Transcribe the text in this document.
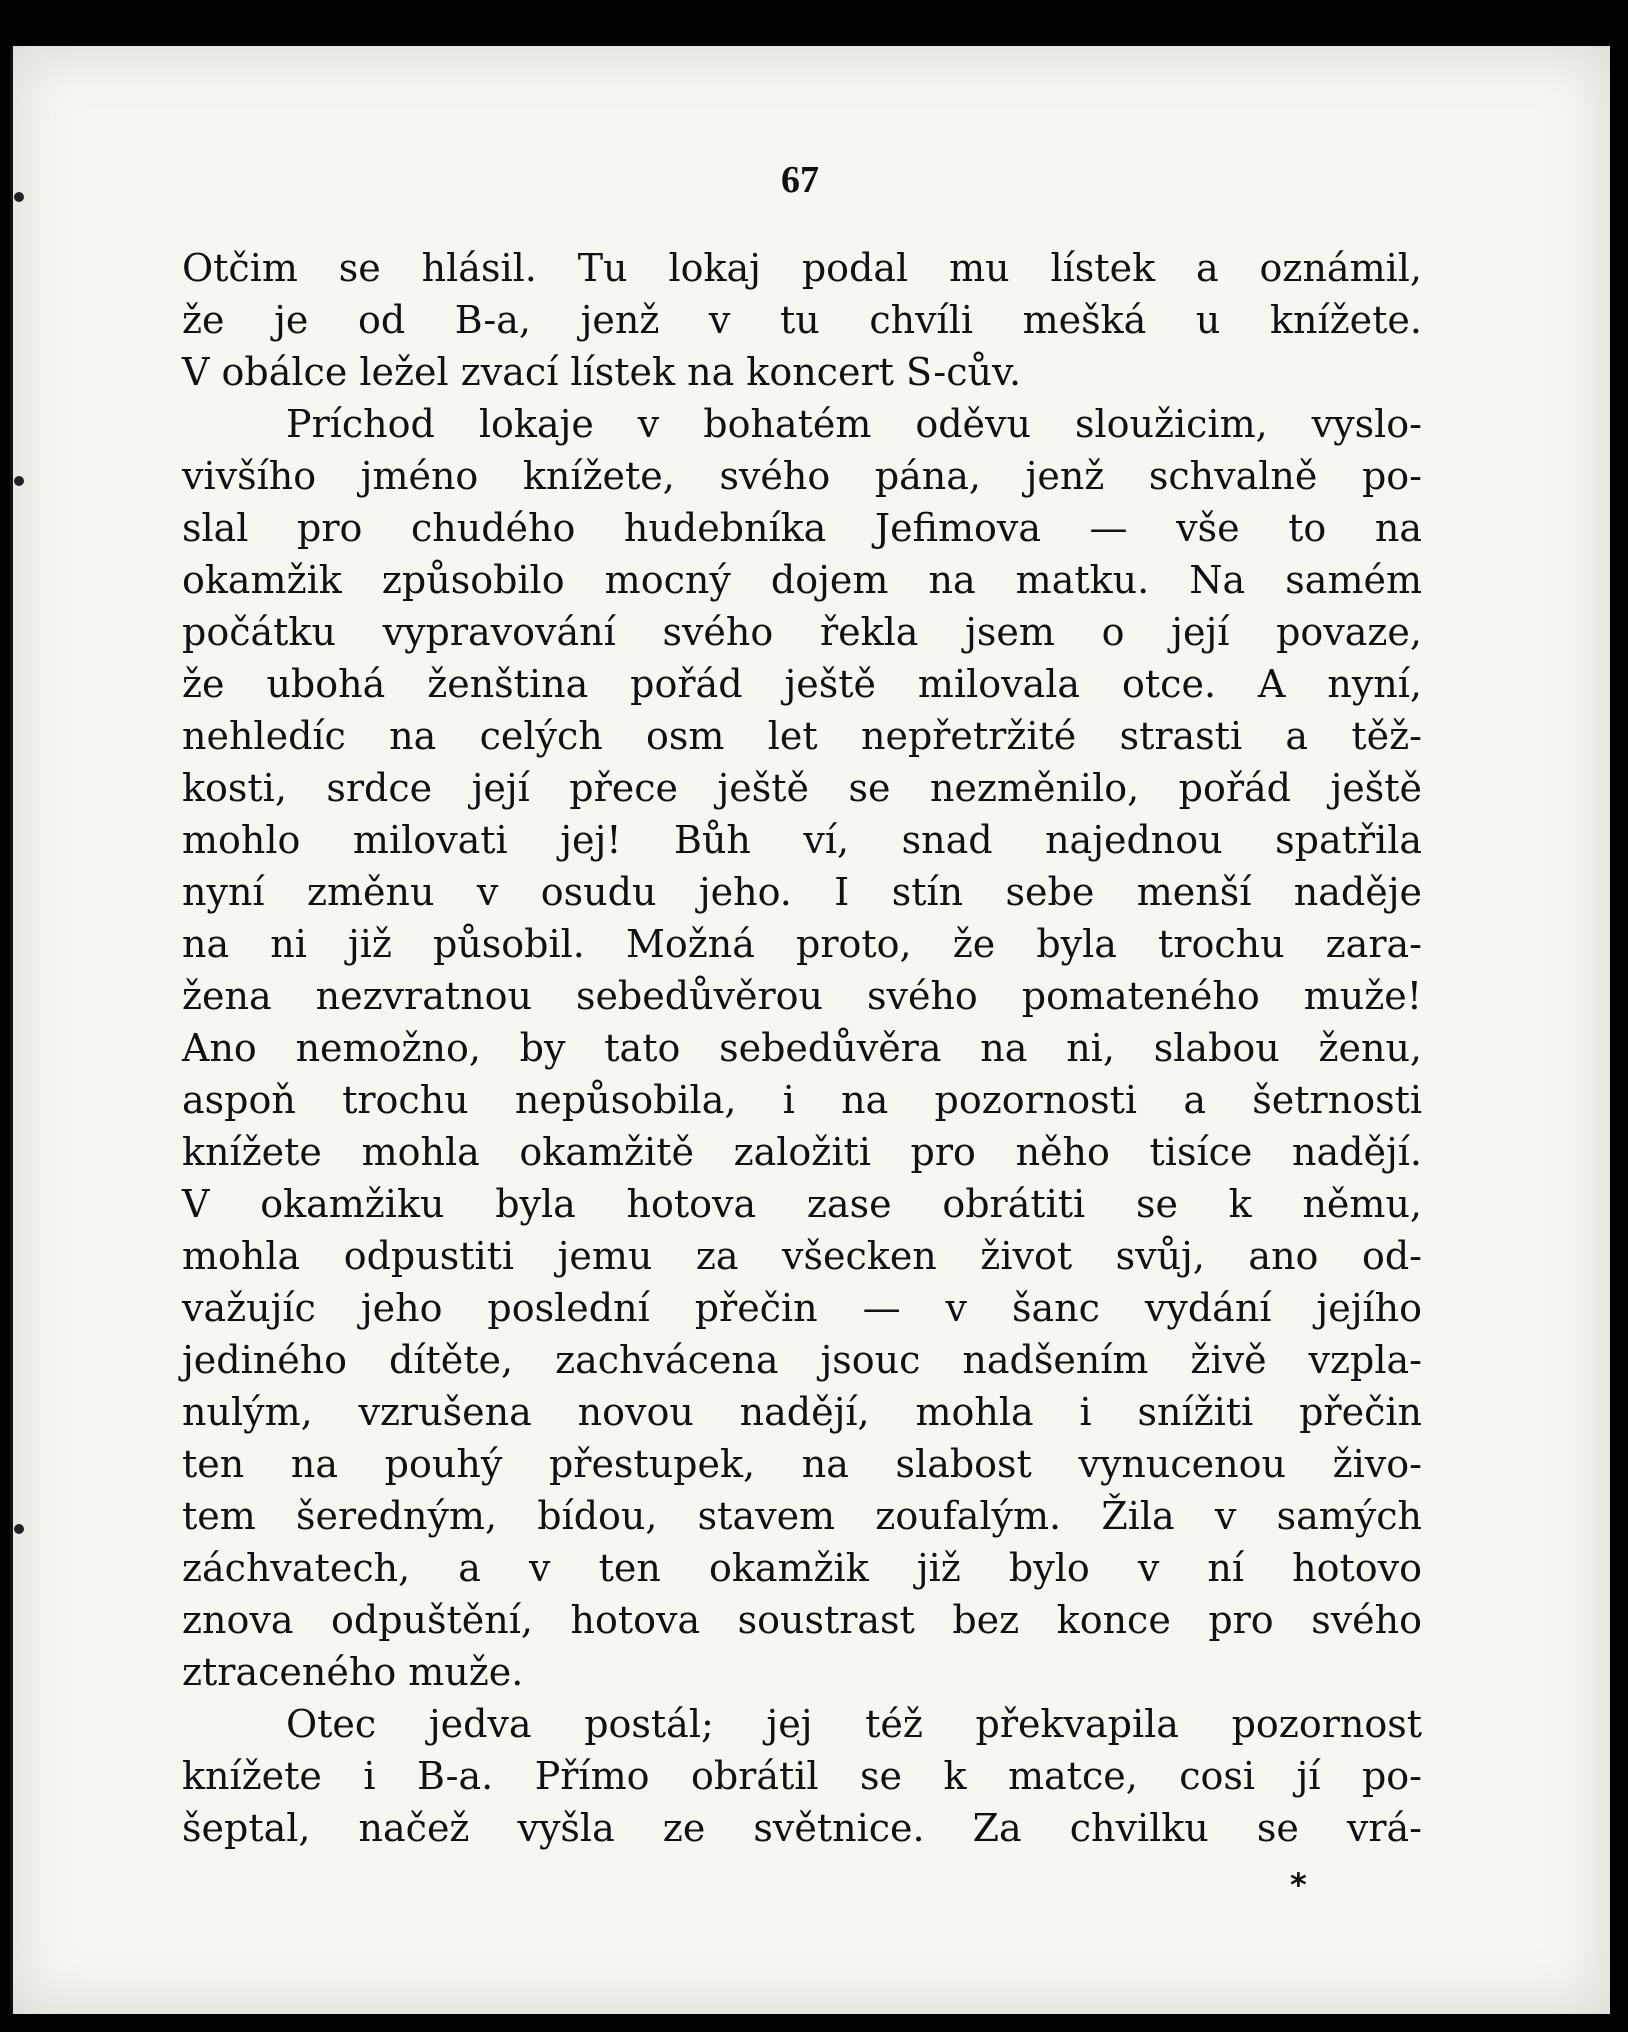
67
Otčim se hlásil. Tu lokaj podal mu lístek a oznámil,
že je od B-a, jenž v tu chvíli mešká u knížete.
V obálce ležel zvací lístek na koncert S-cův.
Príchod lokaje v bohatém oděvu sloužicim, vyslo-
vivšího jméno knížete, svého pána, jenž schvalně po-
slal pro chudého hudebníka Jefimova — vše to na
okamžik způsobilo mocný dojem na matku. Na samém
počátku vypravování svého řekla jsem o její povaze,
že ubohá ženština pořád ještě milovala otce. A nyní,
nehledíc na celých osm let nepřetržité strasti a těž-
kosti, srdce její přece ještě se nezměnilo, pořád ještě
mohlo milovati jej! Bůh ví, snad najednou spatřila
nyní změnu v osudu jeho. I stín sebe menší naděje
na ni již působil. Možná proto, že byla trochu zara-
žena nezvratnou sebedůvěrou svého pomateného muže!
Ano nemožno, by tato sebedůvěra na ni, slabou ženu,
aspoň trochu nepůsobila, i na pozornosti a šetrnosti
knížete mohla okamžitě založiti pro něho tisíce nadějí.
V okamžiku byla hotova zase obrátiti se k němu,
mohla odpustiti jemu za všecken život svůj, ano od-
važujíc jeho poslední přečin — v šanc vydání jejího
jediného dítěte, zachvácena jsouc nadšením živě vzpla-
nulým, vzrušena novou nadějí, mohla i snížiti přečin
ten na pouhý přestupek, na slabost vynucenou živo-
tem šeredným, bídou, stavem zoufalým. Žila v samých
záchvatech, a v ten okamžik již bylo v ní hotovo
znova odpuštění, hotova soustrast bez konce pro svého
ztraceného muže.
Otec jedva postál; jej též překvapila pozornost
knížete i B-a. Přímo obrátil se k matce, cosi jí po-
šeptal, načež vyšla ze světnice. Za chvilku se vrá-
*
